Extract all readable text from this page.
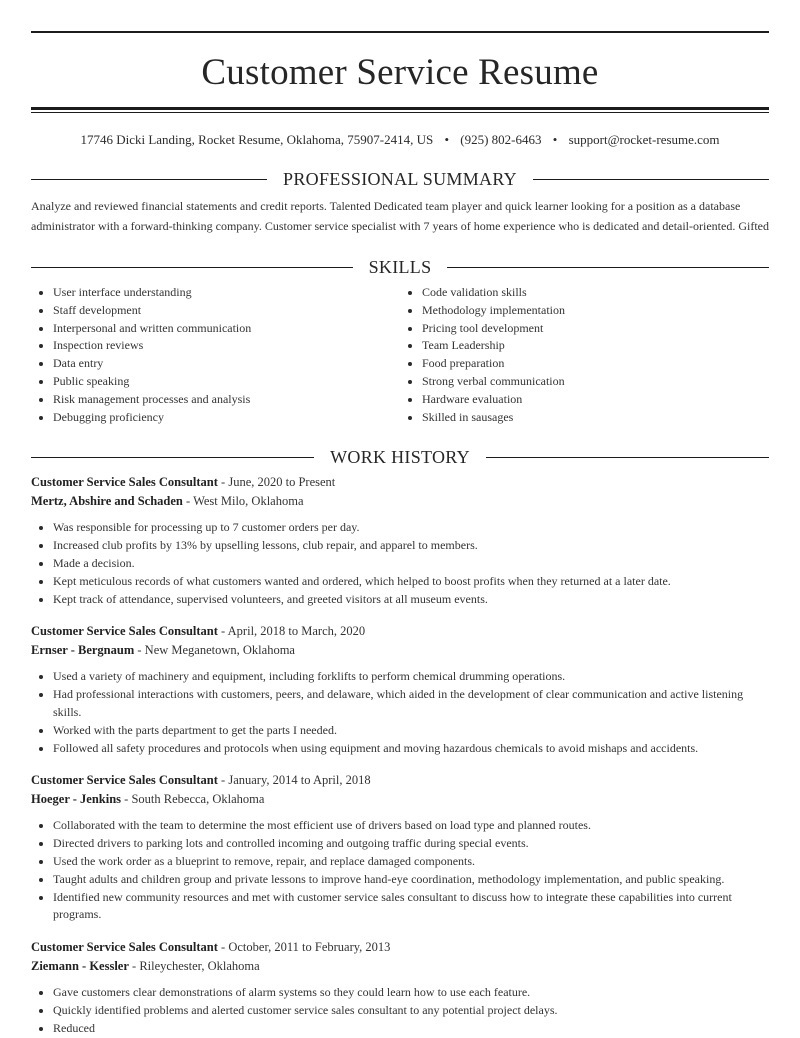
Customer Service Resume
17746 Dicki Landing, Rocket Resume, Oklahoma, 75907-2414, US • (925) 802-6463 • support@rocket-resume.com
PROFESSIONAL SUMMARY
Analyze and reviewed financial statements and credit reports. Talented Dedicated team player and quick learner looking for a position as a database administrator with a forward-thinking company. Customer service specialist with 7 years of home experience who is dedicated and detail-oriented. Gifted
SKILLS
User interface understanding
Staff development
Interpersonal and written communication
Inspection reviews
Data entry
Public speaking
Risk management processes and analysis
Debugging proficiency
Code validation skills
Methodology implementation
Pricing tool development
Team Leadership
Food preparation
Strong verbal communication
Hardware evaluation
Skilled in sausages
WORK HISTORY
Customer Service Sales Consultant - June, 2020 to Present
Mertz, Abshire and Schaden - West Milo, Oklahoma
Was responsible for processing up to 7 customer orders per day.
Increased club profits by 13% by upselling lessons, club repair, and apparel to members.
Made a decision.
Kept meticulous records of what customers wanted and ordered, which helped to boost profits when they returned at a later date.
Kept track of attendance, supervised volunteers, and greeted visitors at all museum events.
Customer Service Sales Consultant - April, 2018 to March, 2020
Ernser - Bergnaum - New Meganetown, Oklahoma
Used a variety of machinery and equipment, including forklifts to perform chemical drumming operations.
Had professional interactions with customers, peers, and delaware, which aided in the development of clear communication and active listening skills.
Worked with the parts department to get the parts I needed.
Followed all safety procedures and protocols when using equipment and moving hazardous chemicals to avoid mishaps and accidents.
Customer Service Sales Consultant - January, 2014 to April, 2018
Hoeger - Jenkins - South Rebecca, Oklahoma
Collaborated with the team to determine the most efficient use of drivers based on load type and planned routes.
Directed drivers to parking lots and controlled incoming and outgoing traffic during special events.
Used the work order as a blueprint to remove, repair, and replace damaged components.
Taught adults and children group and private lessons to improve hand-eye coordination, methodology implementation, and public speaking.
Identified new community resources and met with customer service sales consultant to discuss how to integrate these capabilities into current programs.
Customer Service Sales Consultant - October, 2011 to February, 2013
Ziemann - Kessler - Rileychester, Oklahoma
Gave customers clear demonstrations of alarm systems so they could learn how to use each feature.
Quickly identified problems and alerted customer service sales consultant to any potential project delays.
Reduced
